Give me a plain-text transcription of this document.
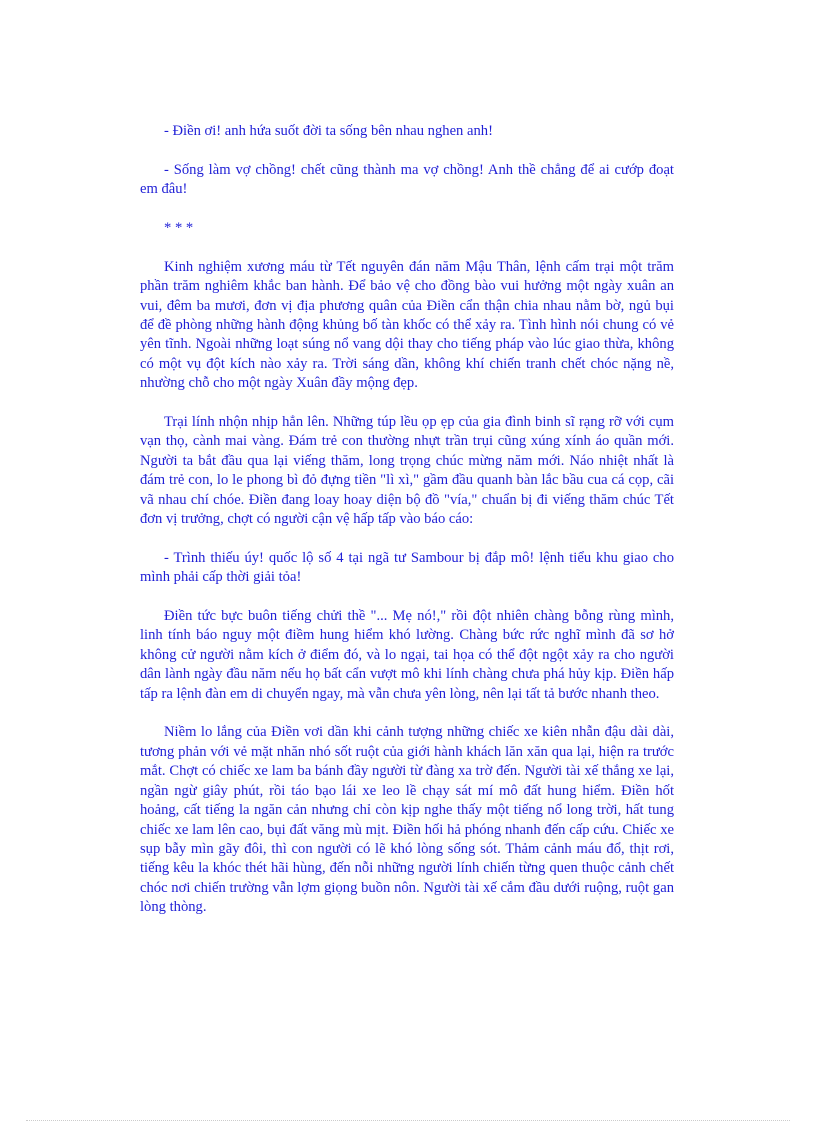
- Điền ơi! anh hứa suốt đời ta sống bên nhau nghen anh!

- Sống làm vợ chồng! chết cũng thành ma vợ chồng! Anh thề chẳng để ai cướp đoạt em đâu!

* * *

Kinh nghiệm xương máu từ Tết nguyên đán năm Mậu Thân, lệnh cấm trại một trăm phần trăm nghiêm khắc ban hành. Để bảo vệ cho đồng bào vui hưởng một ngày xuân an vui, đêm ba mươi, đơn vị địa phương quân của Điền cẩn thận chia nhau nằm bờ, ngủ bụi để đề phòng những hành động khủng bố tàn khốc có thể xảy ra. Tình hình nói chung có vẻ yên tĩnh. Ngoài những loạt súng nổ vang dội thay cho tiếng pháp vào lúc giao thừa, không có một vụ đột kích nào xảy ra. Trời sáng dần, không khí chiến tranh chết chóc nặng nề, nhường chỗ cho một ngày Xuân đầy mộng đẹp.

Trại lính nhộn nhịp hẳn lên. Những túp lều ọp ẹp của gia đình binh sĩ rạng rỡ với cụm vạn thọ, cành mai vàng. Đám trẻ con thường nhựt trần trụi cũng xúng xính áo quần mới. Người ta bắt đầu qua lại viếng thăm, long trọng chúc mừng năm mới. Náo nhiệt nhất là đám trẻ con, lo le phong bì đỏ đựng tiền "lì xì," gầm đầu quanh bàn lắc bầu cua cá cọp, cãi vã nhau chí chóe. Điền đang loay hoay diện bộ đồ "vía," chuẩn bị đi viếng thăm chúc Tết đơn vị trưởng, chợt có người cận vệ hấp tấp vào báo cáo:

- Trình thiếu úy! quốc lộ số 4 tại ngã tư Sambour bị đắp mô! lệnh tiểu khu giao cho mình phải cấp thời giải tỏa!

Điền tức bực buôn tiếng chửi thề "... Mẹ nó!," rồi đột nhiên chàng bỗng rùng mình, linh tính báo nguy một điềm hung hiểm khó lường. Chàng bức rức nghĩ mình đã sơ hở không cử người nằm kích ở điểm đó, và lo ngại, tai họa có thể đột ngột xảy ra cho người dân lành ngày đầu năm nếu họ bất cẩn vượt mô khi lính chàng chưa phá hủy kịp. Điền hấp tấp ra lệnh đàn em di chuyển ngay, mà vẫn chưa yên lòng, nên lại tất tả bước nhanh theo.

Niềm lo lắng của Điền vơi dần khi cảnh tượng những chiếc xe kiên nhẫn đậu dài dài, tương phản với vẻ mặt nhăn nhó sốt ruột của giới hành khách lăn xăn qua lại, hiện ra trước mắt. Chợt có chiếc xe lam ba bánh đầy người từ đàng xa trờ đến. Người tài xế thắng xe lại, ngần ngừ giây phút, rồi táo bạo lái xe leo lề chạy sát mí mô đất hung hiểm. Điền hốt hoảng, cất tiếng la ngăn cản nhưng chỉ còn kịp nghe thấy một tiếng nổ long trời, hất tung chiếc xe lam lên cao, bụi đất văng mù mịt. Điền hối hả phóng nhanh đến cấp cứu. Chiếc xe sụp bẫy mìn gãy đôi, thì con người có lẽ khó lòng sống sót. Thảm cảnh máu đổ, thịt rơi, tiếng kêu la khóc thét hãi hùng, đến nỗi những người lính chiến từng quen thuộc cảnh chết chóc nơi chiến trường vẫn lợm giọng buồn nôn. Người tài xế cắm đầu dưới ruộng, ruột gan lòng thòng.
